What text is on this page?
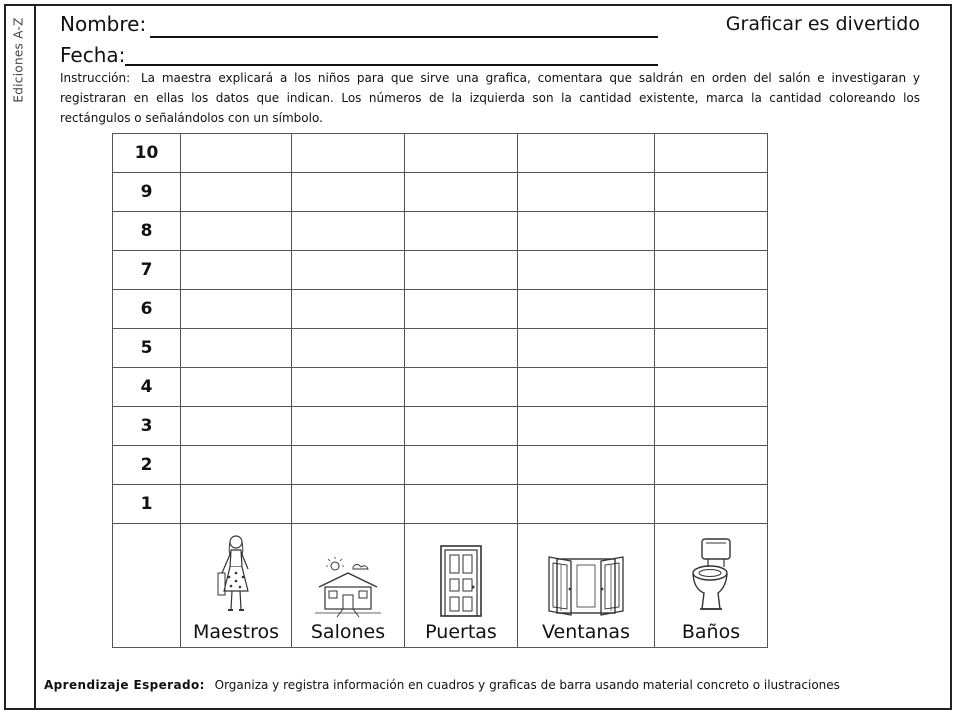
Ediciones A-Z Nombre:
Fecha:
Graficar es divertido
Instrucción: La maestra explicará a los niños para que sirve una grafica, comentara que saldrán en orden del salón e investigaran y registraran en ellas los datos que indican. Los números de la izquierda son la cantidad existente, marca la cantidad coloreando los rectángulos o señalándolos con un símbolo.
10					
9					
8					
7					
6					
5					
4					
3					
2					
1					

	Maestros	Salones	Puertas	Ventanas	Baños
Aprendizaje Esperado: Organiza y registra información en cuadros y graficas de barra usando material concreto o ilustraciones
